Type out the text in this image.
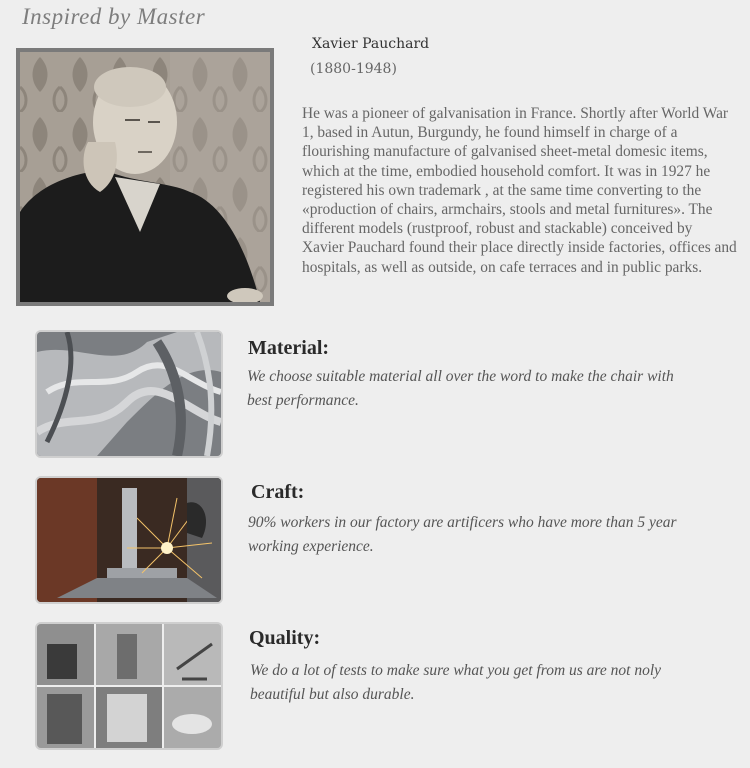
Inspired by Master
Xavier Pauchard
(1880-1948)

He was a pioneer of galvanisation in France. Shortly after World War 1, based in Autun, Burgundy, he found himself in charge of a flourishing manufacture of galvanised sheet-metal domesic items, which at the time, embodied household comfort. It was in 1927 he registered his own trademark , at the same time converting to the «production of chairs, armchairs, stools and metal furnitures». The different models (rustproof, robust and stackable) conceived by Xavier Pauchard found their place directly inside factories, offices and hospitals, as well as outside, on cafe terraces and in public parks.

Material:

We choose suitable material all over the word to make the chair with best performance.

Craft:

90% workers in our factory are artificers who have more than 5 year working experience.

Quality:

We do a lot of tests to make sure what you get from us are not noly beautiful but also durable.
